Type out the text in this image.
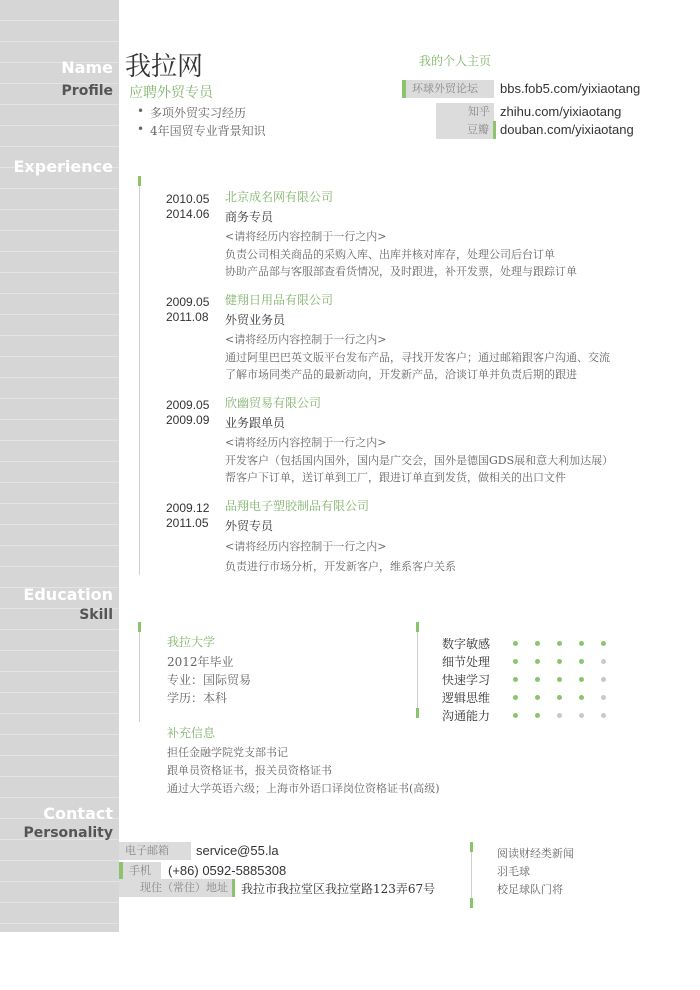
Name
Profile
Experience
Education
Skill
Contact
Personality
我拉网
应聘外贸专员
• 多项外贸实习经历
• 4年国贸专业背景知识
我的个人主页
环球外贸论坛	bbs.fob5.com/yixiaotang
知乎 zhihu.com/yixiaotang
豆瓣 douban.com/yixiaotang
2010.05
2014.06
北京成名网有限公司
商务专员
<请将经历内容控制于一行之内>
负责公司相关商品的采购入库、出库并核对库存，处理公司后台订单
协助产品部与客服部查看货情况，及时跟进，补开发票，处理与跟踪订单
2009.05
2011.08
健翔日用品有限公司
外贸业务员
<请将经历内容控制于一行之内>
通过阿里巴巴英文版平台发布产品，寻找开发客户；通过邮箱跟客户沟通、交流
了解市场同类产品的最新动向，开发新产品，洽谈订单并负责后期的跟进
2009.05
2009.09
欣幽贸易有限公司
业务跟单员
<请将经历内容控制于一行之内>
开发客户（包括国内国外，国内是广交会，国外是德国GDS展和意大利加达展）
帮客户下订单，送订单到工厂，跟进订单直到发货，做相关的出口文件
2009.12
2011.05
品翔电子塑胶制品有限公司
外贸专员
<请将经历内容控制于一行之内>
负责进行市场分析，开发新客户，维系客户关系
我拉大学
2012年毕业
专业：国际贸易
学历：本科
补充信息
担任金融学院党支部书记
跟单员资格证书，报关员资格证书
通过大学英语六级；上海市外语口译岗位资格证书(高级)
数字敏感
细节处理
快速学习
逻辑思维
沟通能力
电子邮箱	service@55.la
手机	(+86) 0592-5885308
现住（常住）地址	我拉市我拉堂区我拉堂路123弄67号
阅读财经类新闻
羽毛球
校足球队门将
